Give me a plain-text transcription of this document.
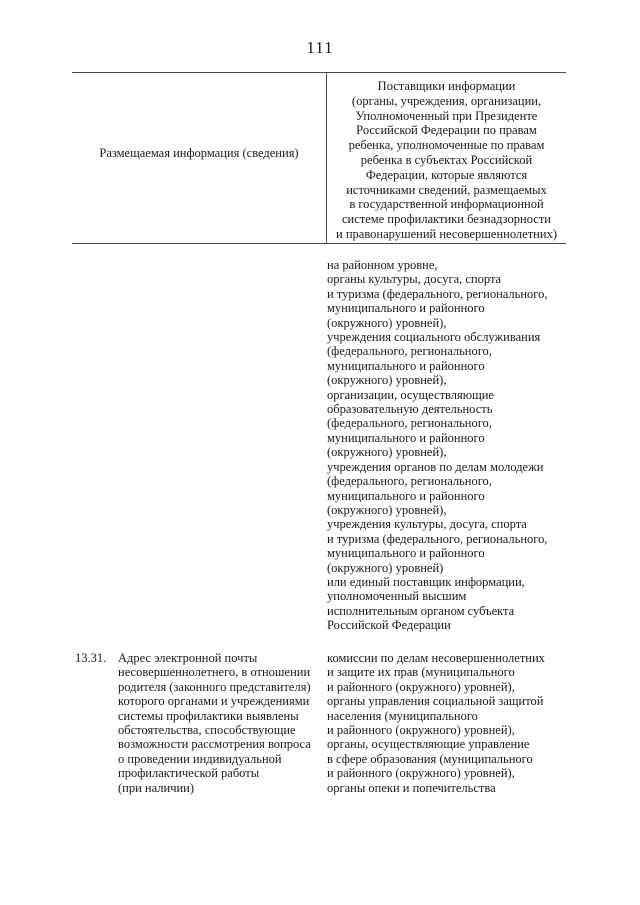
111
Размещаемая информация (сведения)
Поставщики информации
(органы, учреждения, организации,
Уполномоченный при Президенте
Российской Федерации по правам
ребенка, уполномоченные по правам
ребенка в субъектах Российской
Федерации, которые являются
источниками сведений, размещаемых
в государственной информационной
системе профилактики безнадзорности
и правонарушений несовершеннолетних)
на районном уровне,
органы культуры, досуга, спорта
и туризма (федерального, регионального,
муниципального и районного
(окружного) уровней),
учреждения социального обслуживания
(федерального, регионального,
муниципального и районного
(окружного) уровней),
организации, осуществляющие
образовательную деятельность
(федерального, регионального,
муниципального и районного
(окружного) уровней),
учреждения органов по делам молодежи
(федерального, регионального,
муниципального и районного
(окружного) уровней),
учреждения культуры, досуга, спорта
и туризма (федерального, регионального,
муниципального и районного
(окружного) уровней)
или единый поставщик информации,
уполномоченный высшим
исполнительным органом субъекта
Российской Федерации
13.31. Адрес электронной почты
несовершеннолетнего, в отношении
родителя (законного представителя)
которого органами и учреждениями
системы профилактики выявлены
обстоятельства, способствующие
возможности рассмотрения вопроса
о проведении индивидуальной
профилактической работы
(при наличии)
комиссии по делам несовершеннолетних
и защите их прав (муниципального
и районного (окружного) уровней),
органы управления социальной защитой
населения (муниципального
и районного (окружного) уровней),
органы, осуществляющие управление
в сфере образования (муниципального
и районного (окружного) уровней),
органы опеки и попечительства
